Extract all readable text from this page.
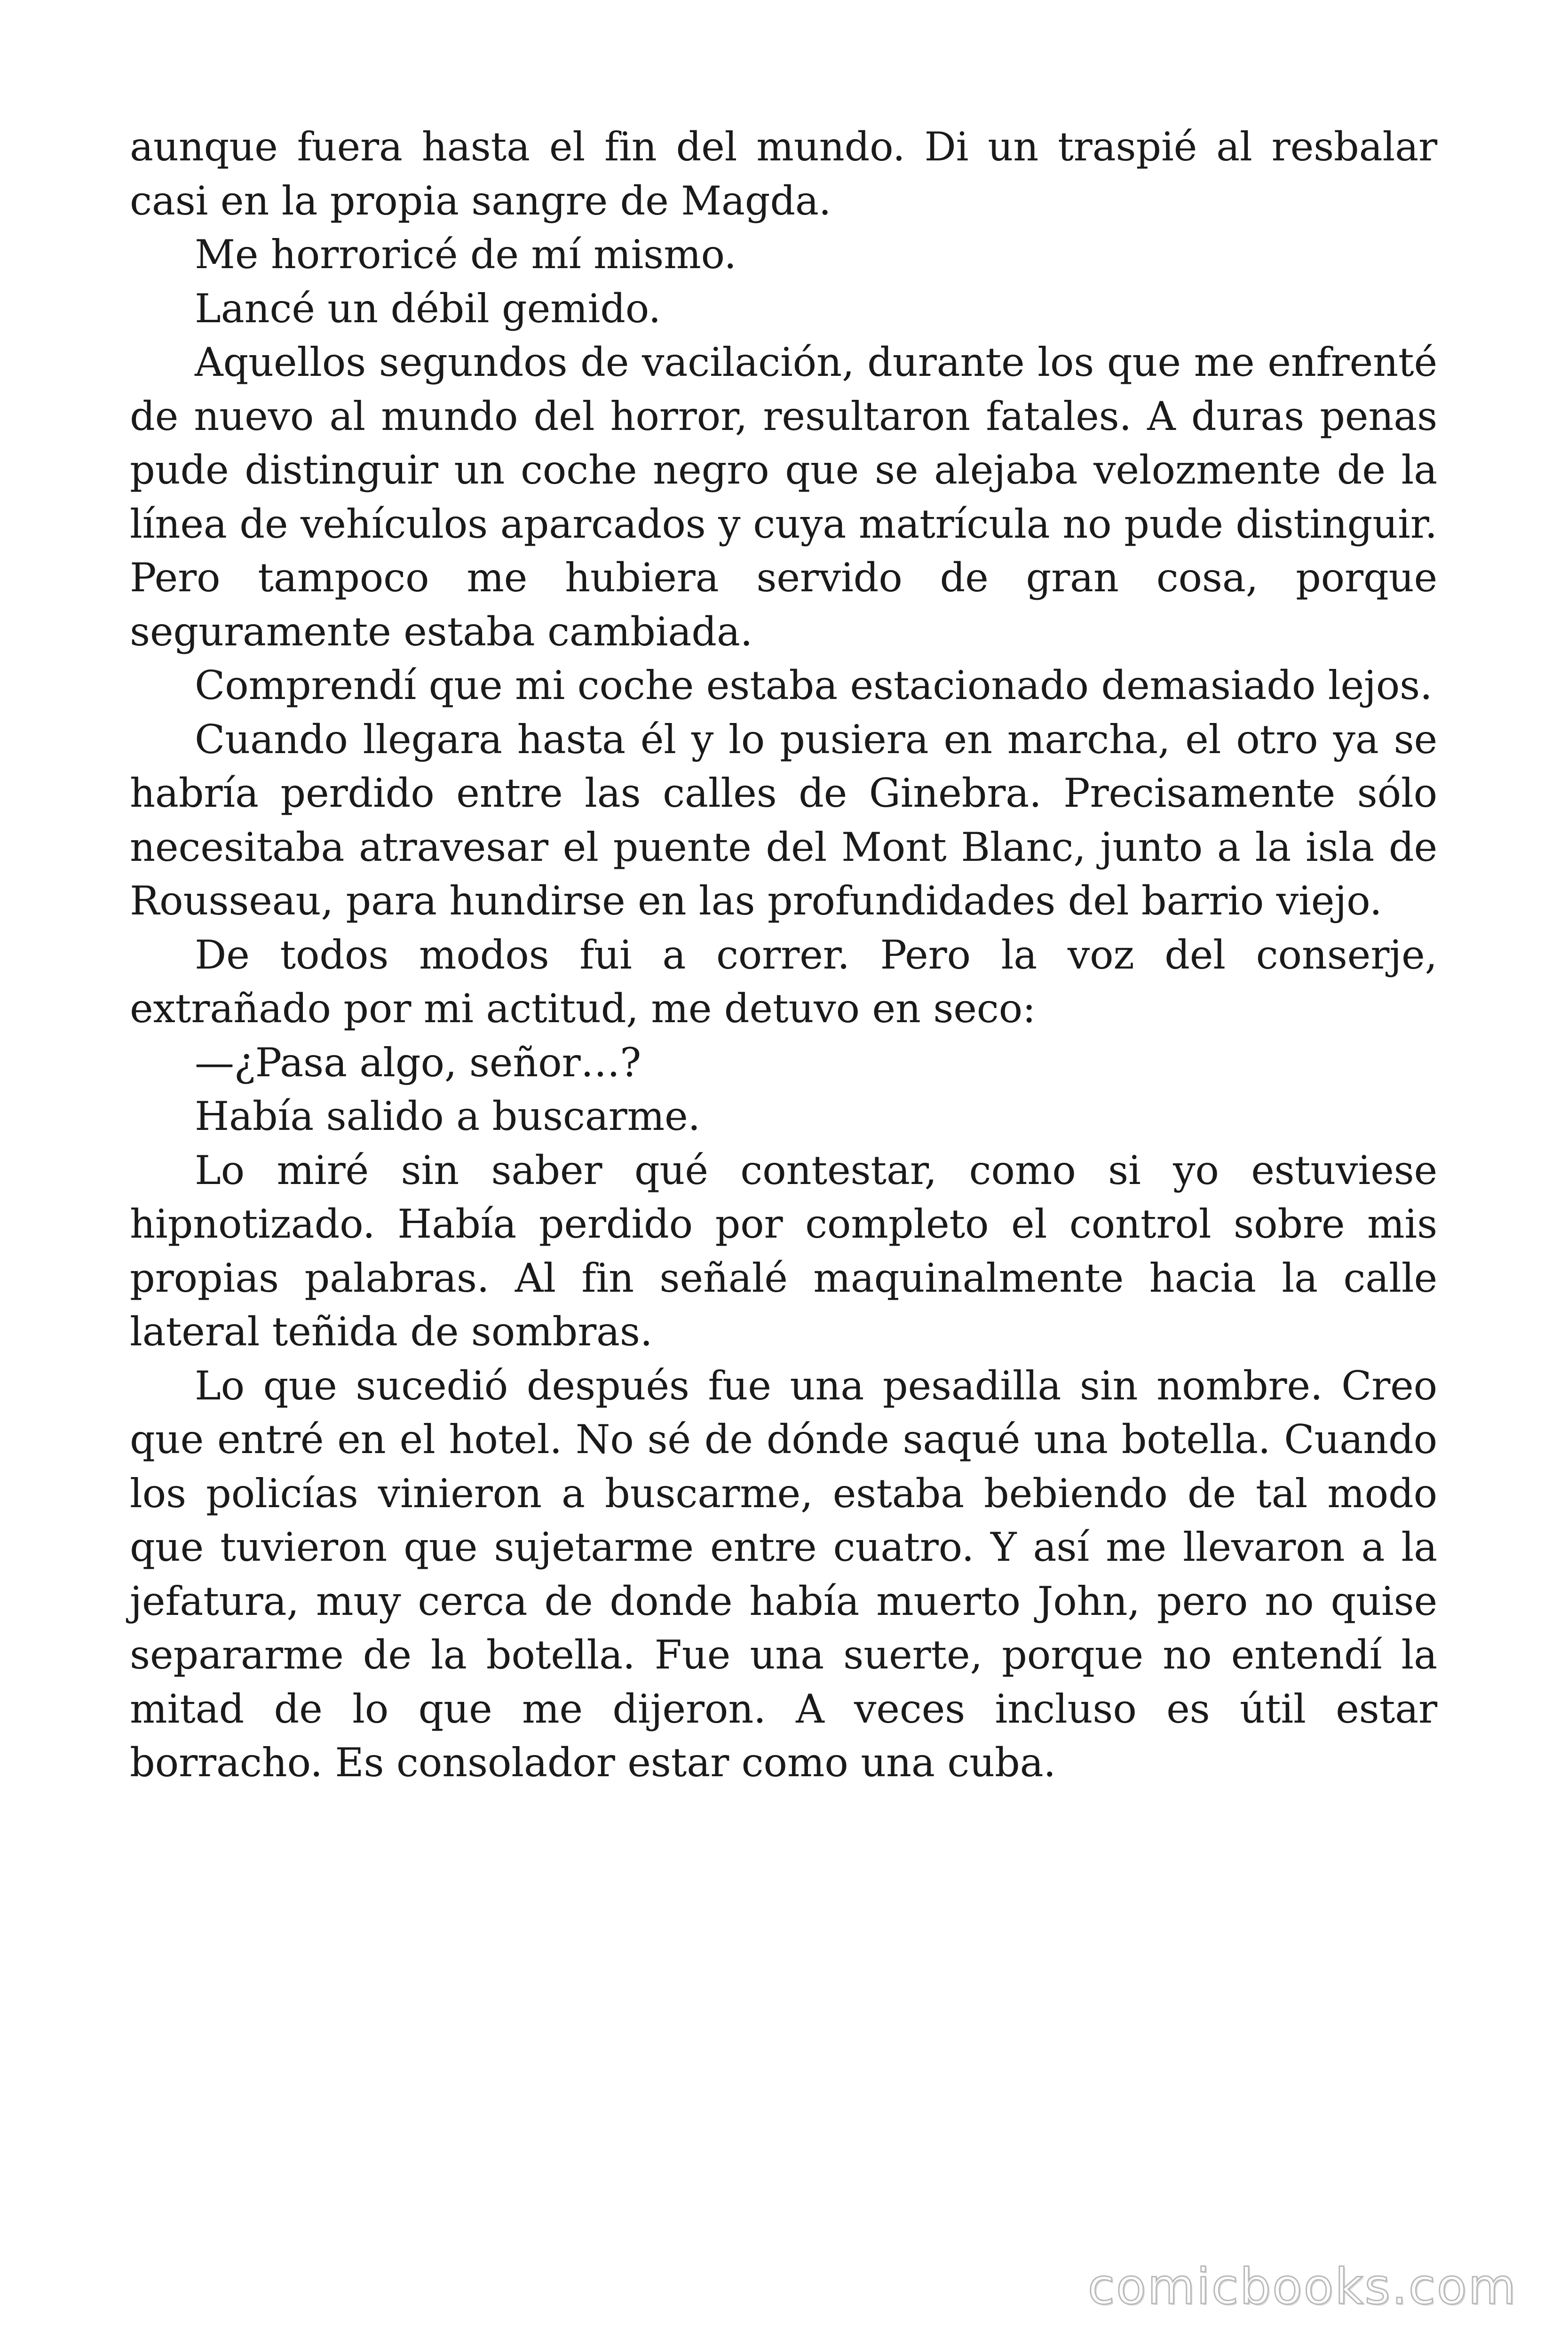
aunque fuera hasta el fin del mundo. Di un traspié al resbalar casi en la propia sangre de Magda.

Me horroricé de mí mismo.

Lancé un débil gemido.

Aquellos segundos de vacilación, durante los que me enfrenté de nuevo al mundo del horror, resultaron fatales. A duras penas pude distinguir un coche negro que se alejaba velozmente de la línea de vehículos aparcados y cuya matrícula no pude distinguir. Pero tampoco me hubiera servido de gran cosa, porque seguramente estaba cambiada.

Comprendí que mi coche estaba estacionado demasiado lejos.

Cuando llegara hasta él y lo pusiera en marcha, el otro ya se habría perdido entre las calles de Ginebra. Precisamente sólo necesitaba atravesar el puente del Mont Blanc, junto a la isla de Rousseau, para hundirse en las profundidades del barrio viejo.

De todos modos fui a correr. Pero la voz del conserje, extrañado por mi actitud, me detuvo en seco:

—¿Pasa algo, señor…?

Había salido a buscarme.

Lo miré sin saber qué contestar, como si yo estuviese hipnotizado. Había perdido por completo el control sobre mis propias palabras. Al fin señalé maquinalmente hacia la calle lateral teñida de sombras.

Lo que sucedió después fue una pesadilla sin nombre. Creo que entré en el hotel. No sé de dónde saqué una botella. Cuando los policías vinieron a buscarme, estaba bebiendo de tal modo que tuvieron que sujetarme entre cuatro. Y así me llevaron a la jefatura, muy cerca de donde había muerto John, pero no quise separarme de la botella. Fue una suerte, porque no entendí la mitad de lo que me dijeron. A veces incluso es útil estar borracho. Es consolador estar como una cuba.

comicbooks.com
